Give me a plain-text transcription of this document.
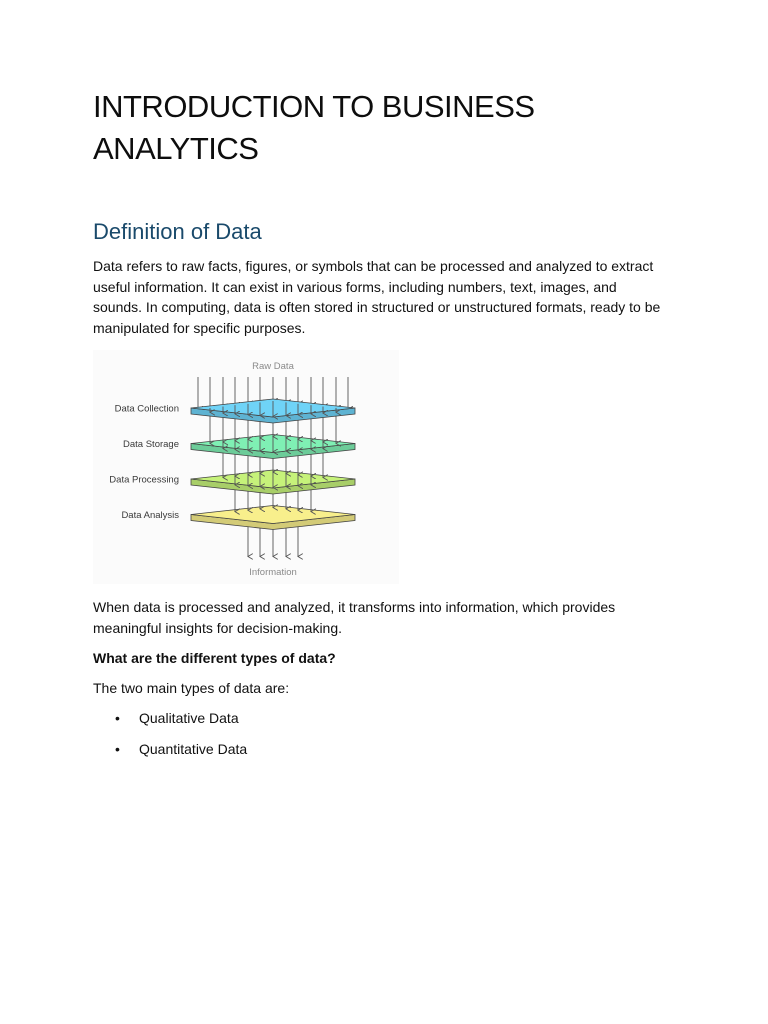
INTRODUCTION TO BUSINESS ANALYTICS
Definition of Data

Data refers to raw facts, figures, or symbols that can be processed and analyzed to extract useful information. It can exist in various forms, including numbers, text, images, and sounds. In computing, data is often stored in structured or unstructured formats, ready to be manipulated for specific purposes.

Raw Data
Data Analysis
Data Processing
Data Storage
Data Collection
Information

When data is processed and analyzed, it transforms into information, which provides meaningful insights for decision-making.

What are the different types of data?

The two main types of data are:

• Qualitative Data
• Quantitative Data
